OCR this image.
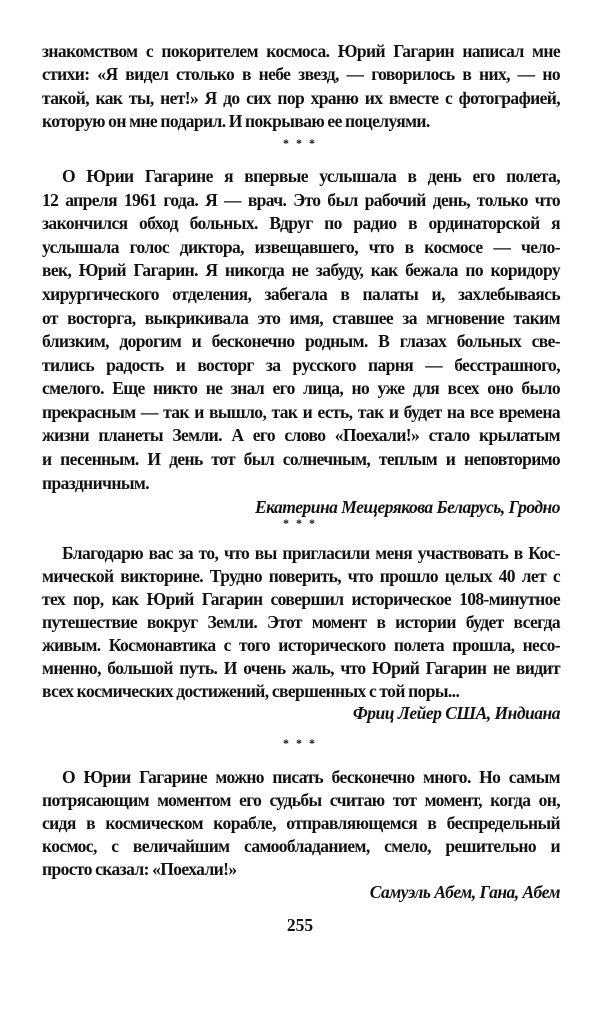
знакомством с покорителем космоса. Юрий Гагарин написал мне
стихи: «Я видел столько в небе звезд, — говорилось в них, — но
такой, как ты, нет!» Я до сих пор храню их вместе с фотографией,
которую он мне подарил. И покрываю ее поцелуями.
* * *
О Юрии Гагарине я впервые услышала в день его полета,
12 апреля 1961 года. Я — врач. Это был рабочий день, только что
закончился обход больных. Вдруг по радио в ординаторской я
услышала голос диктора, извещавшего, что в космосе — чело-
век, Юрий Гагарин. Я никогда не забуду, как бежала по коридору
хирургического отделения, забегала в палаты и, захлебываясь
от восторга, выкрикивала это имя, ставшее за мгновение таким
близким, дорогим и бесконечно родным. В глазах больных све-
тились радость и восторг за русского парня — бесстрашного,
смелого. Еще никто не знал его лица, но уже для всех оно было
прекрасным — так и вышло, так и есть, так и будет на все времена
жизни планеты Земли. А его слово «Поехали!» стало крылатым
и песенным. И день тот был солнечным, теплым и неповторимо
праздничным.
Екатерина Мещерякова Беларусь, Гродно
* * *
Благодарю вас за то, что вы пригласили меня участвовать в Кос-
мической викторине. Трудно поверить, что прошло целых 40 лет с
тех пор, как Юрий Гагарин совершил историческое 108-минутное
путешествие вокруг Земли. Этот момент в истории будет всегда
живым. Космонавтика с того исторического полета прошла, несо-
мненно, большой путь. И очень жаль, что Юрий Гагарин не видит
всех космических достижений, свершенных с той поры...
Фриц Лейер США, Индиана
* * *
О Юрии Гагарине можно писать бесконечно много. Но самым
потрясающим моментом его судьбы считаю тот момент, когда он,
сидя в космическом корабле, отправляющемся в беспредельный
космос, с величайшим самообладанием, смело, решительно и
просто сказал: «Поехали!»
Самуэль Абем, Гана, Абем
255
